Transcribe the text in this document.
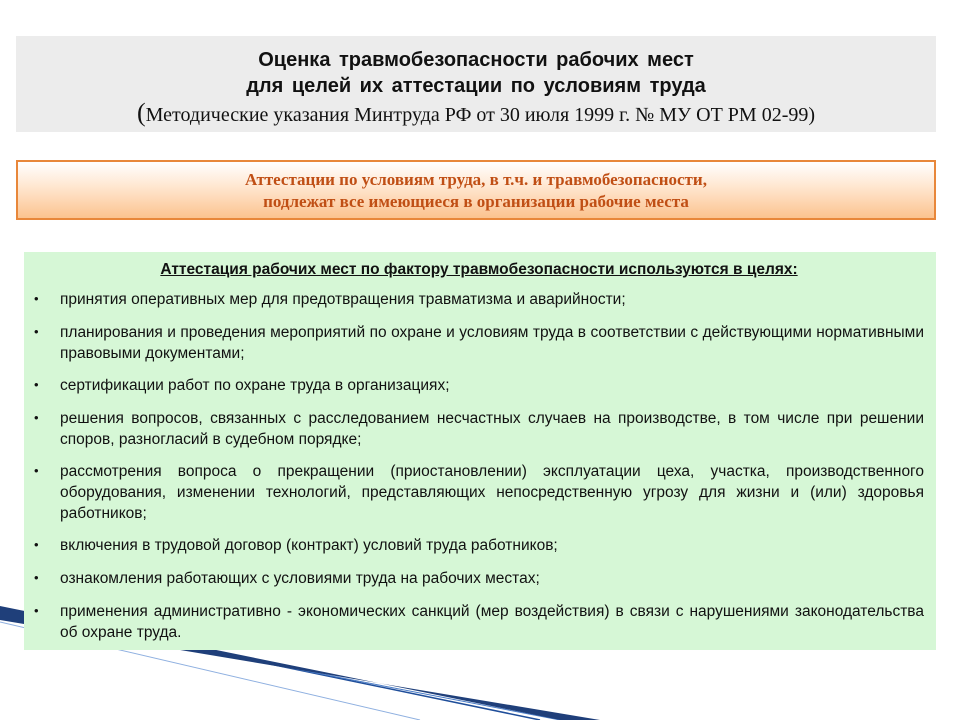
Оценка травмобезопасности рабочих мест
для целей их аттестации по условиям труда
(Методические указания Минтруда РФ от 30 июля 1999 г. № МУ ОТ РМ 02-99)
Аттестации по условиям труда, в т.ч. и травмобезопасности,
подлежат все имеющиеся в организации рабочие места
Аттестация рабочих мест по фактору травмобезопасности используются в целях:
• принятия оперативных мер для предотвращения травматизма и аварийности;
• планирования и проведения мероприятий по охране и условиям труда в соответствии с действующими нормативными правовыми документами;
• сертификации работ по охране труда в организациях;
• решения вопросов, связанных с расследованием несчастных случаев на производстве, в том числе при решении споров, разногласий в судебном порядке;
• рассмотрения вопроса о прекращении (приостановлении) эксплуатации цеха, участка, производственного оборудования, изменении технологий, представляющих непосредственную угрозу для жизни и (или) здоровья работников;
• включения в трудовой договор (контракт) условий труда работников;
• ознакомления работающих с условиями труда на рабочих местах;
• применения административно - экономических санкций (мер воздействия) в связи с нарушениями законодательства об охране труда.
